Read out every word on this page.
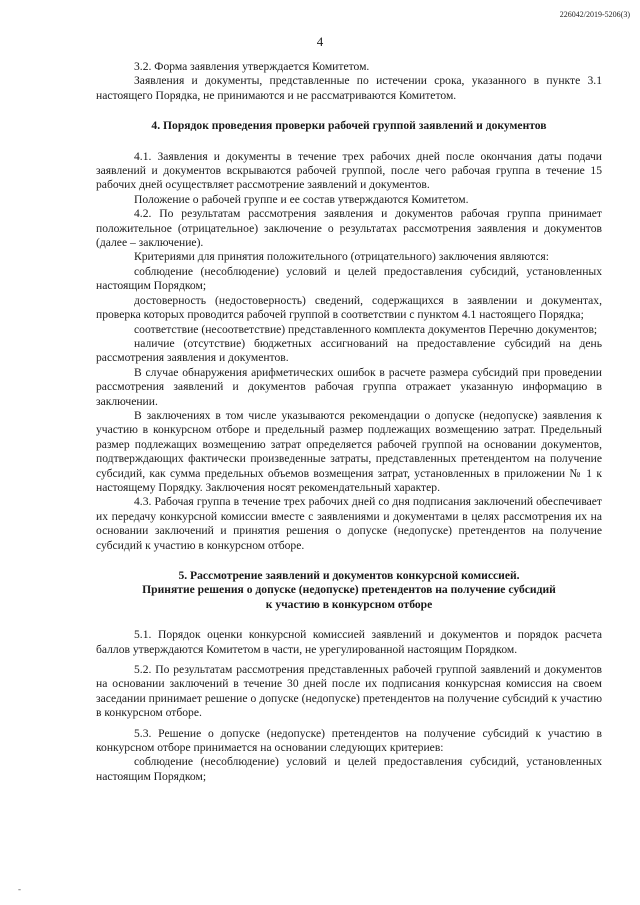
226042/2019-5206(3)
4

3.2. Форма заявления утверждается Комитетом.

Заявления и документы, представленные по истечении срока, указанного в пункте 3.1 настоящего Порядка, не принимаются и не рассматриваются Комитетом.

4. Порядок проведения проверки рабочей группой заявлений и документов

4.1. Заявления и документы в течение трех рабочих дней после окончания даты подачи заявлений и документов вскрываются рабочей группой, после чего рабочая группа в течение 15 рабочих дней осуществляет рассмотрение заявлений и документов.

Положение о рабочей группе и ее состав утверждаются Комитетом.

4.2. По результатам рассмотрения заявления и документов рабочая группа принимает положительное (отрицательное) заключение о результатах рассмотрения заявления и документов (далее – заключение).

Критериями для принятия положительного (отрицательного) заключения являются:

соблюдение (несоблюдение) условий и целей предоставления субсидий, установленных настоящим Порядком;

достоверность (недостоверность) сведений, содержащихся в заявлении и документах, проверка которых проводится рабочей группой в соответствии с пунктом 4.1 настоящего Порядка;

соответствие (несоответствие) представленного комплекта документов Перечню документов;

наличие (отсутствие) бюджетных ассигнований на предоставление субсидий на день рассмотрения заявления и документов.

В случае обнаружения арифметических ошибок в расчете размера субсидий при проведении рассмотрения заявлений и документов рабочая группа отражает указанную информацию в заключении.

В заключениях в том числе указываются рекомендации о допуске (недопуске) заявления к участию в конкурсном отборе и предельный размер подлежащих возмещению затрат. Предельный размер подлежащих возмещению затрат определяется рабочей группой на основании документов, подтверждающих фактически произведенные затраты, представленных претендентом на получение субсидий, как сумма предельных объемов возмещения затрат, установленных в приложении № 1 к настоящему Порядку. Заключения носят рекомендательный характер.

4.3. Рабочая группа в течение трех рабочих дней со дня подписания заключений обеспечивает их передачу конкурсной комиссии вместе с заявлениями и документами в целях рассмотрения их на основании заключений и принятия решения о допуске (недопуске) претендентов на получение субсидий к участию в конкурсном отборе.

5. Рассмотрение заявлений и документов конкурсной комиссией.
Принятие решения о допуске (недопуске) претендентов на получение субсидий
к участию в конкурсном отборе

5.1. Порядок оценки конкурсной комиссией заявлений и документов и порядок расчета баллов утверждаются Комитетом в части, не урегулированной настоящим Порядком.

5.2. По результатам рассмотрения представленных рабочей группой заявлений и документов на основании заключений в течение 30 дней после их подписания конкурсная комиссия на своем заседании принимает решение о допуске (недопуске) претендентов на получение субсидий к участию в конкурсном отборе.

5.3. Решение о допуске (недопуске) претендентов на получение субсидий к участию в конкурсном отборе принимается на основании следующих критериев:

соблюдение (несоблюдение) условий и целей предоставления субсидий, установленных настоящим Порядком;

-
